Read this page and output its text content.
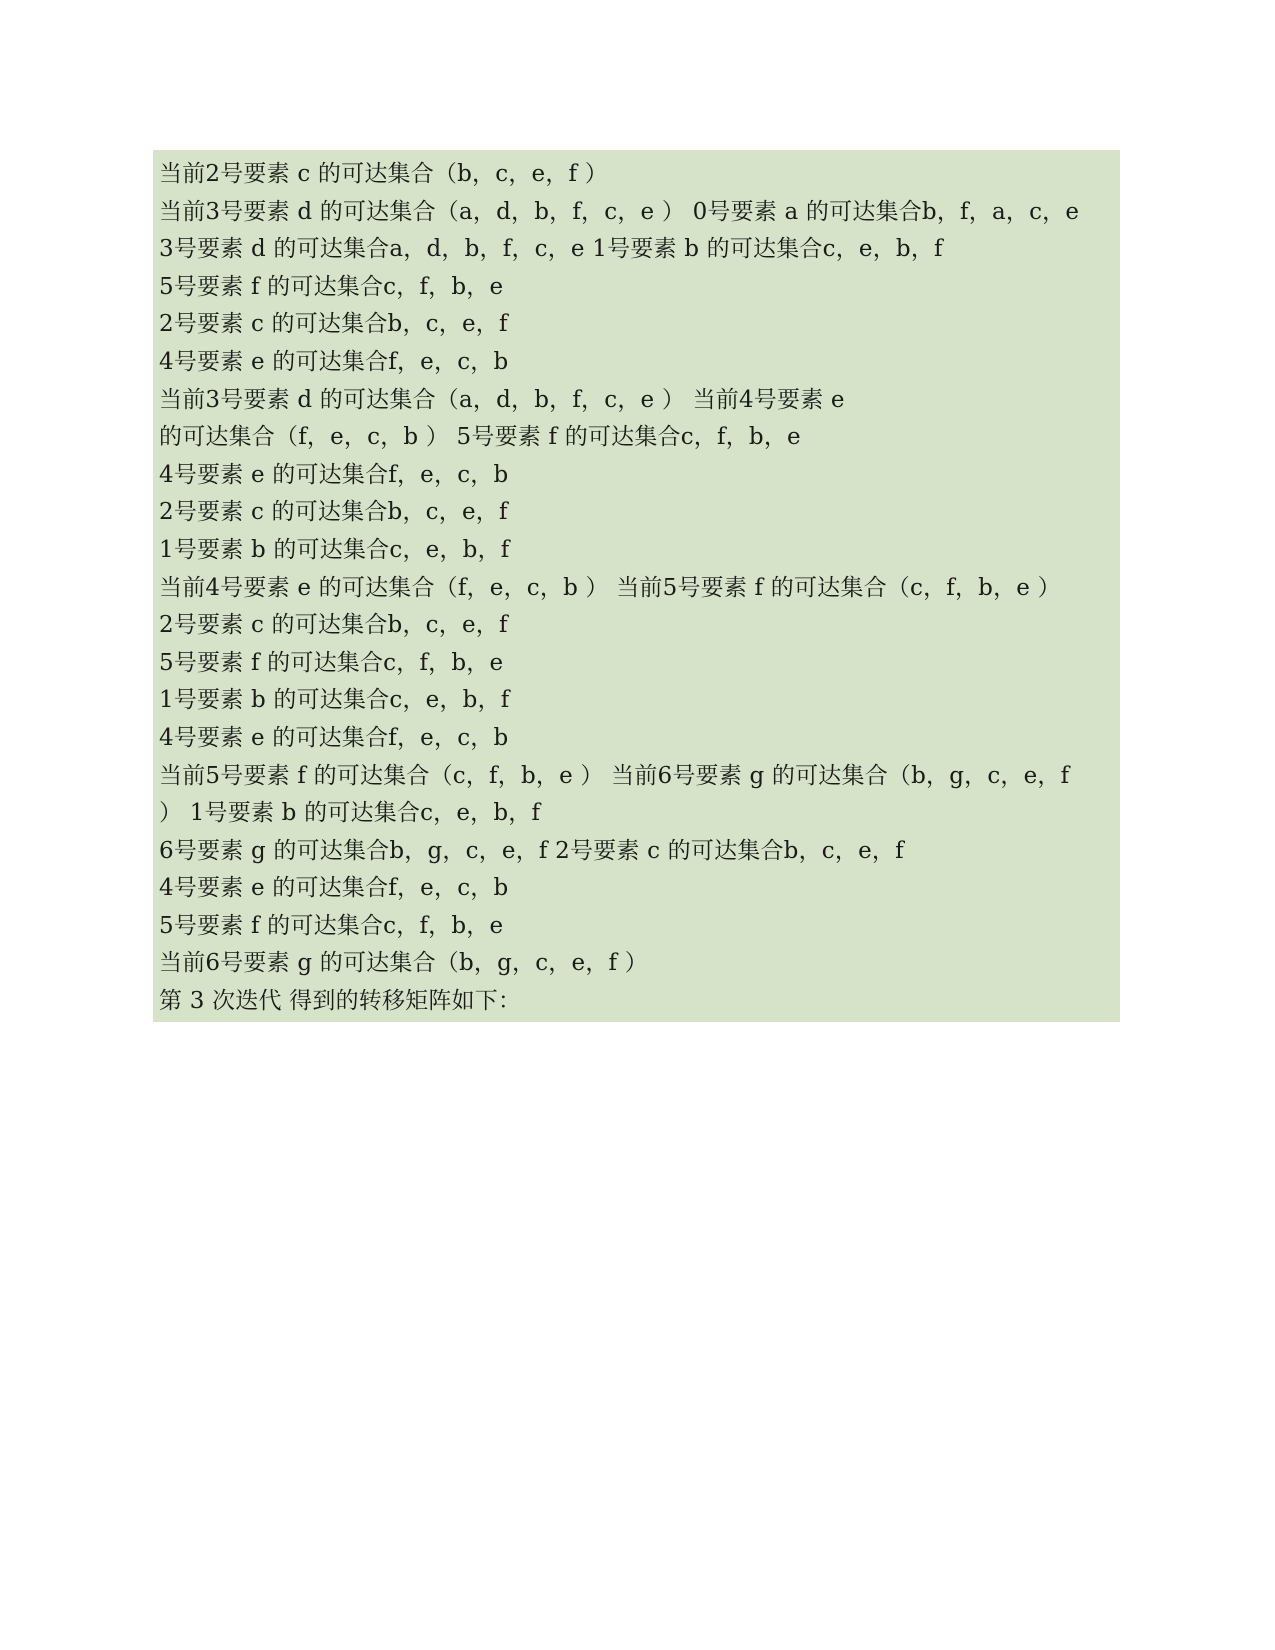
当前2号要素 c 的可达集合（b，c，e，f ）
当前3号要素 d 的可达集合（a，d，b，f，c，e ） 0号要素 a 的可达集合b，f，a，c，e
3号要素 d 的可达集合a，d，b，f，c，e 1号要素 b 的可达集合c，e，b，f
5号要素 f 的可达集合c，f，b，e
2号要素 c 的可达集合b，c，e，f
4号要素 e 的可达集合f，e，c，b
当前3号要素 d 的可达集合（a，d，b，f，c，e ） 当前4号要素 e
的可达集合（f，e，c，b ） 5号要素 f 的可达集合c，f，b，e
4号要素 e 的可达集合f，e，c，b
2号要素 c 的可达集合b，c，e，f
1号要素 b 的可达集合c，e，b，f
当前4号要素 e 的可达集合（f，e，c，b ） 当前5号要素 f 的可达集合（c，f，b，e ）
2号要素 c 的可达集合b，c，e，f
5号要素 f 的可达集合c，f，b，e
1号要素 b 的可达集合c，e，b，f
4号要素 e 的可达集合f，e，c，b
当前5号要素 f 的可达集合（c，f，b，e ） 当前6号要素 g 的可达集合（b，g，c，e，f
） 1号要素 b 的可达集合c，e，b，f
6号要素 g 的可达集合b，g，c，e，f 2号要素 c 的可达集合b，c，e，f
4号要素 e 的可达集合f，e，c，b
5号要素 f 的可达集合c，f，b，e
当前6号要素 g 的可达集合（b，g，c，e，f ）
第 3 次迭代 得到的转移矩阵如下：
